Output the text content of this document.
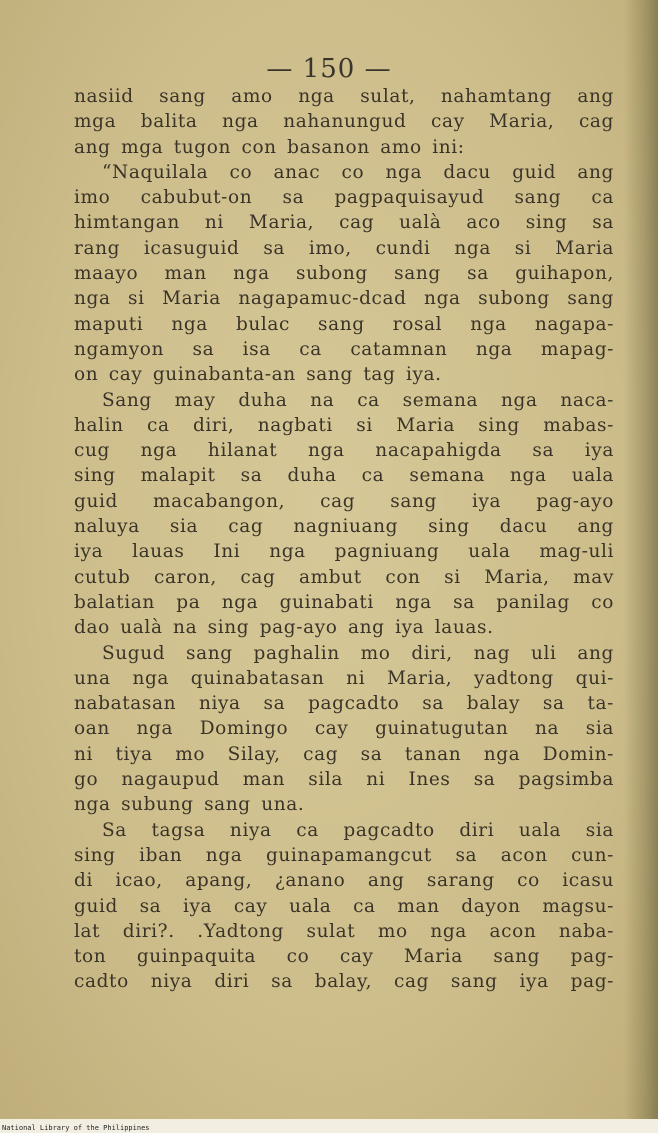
— 150 —
nasiid sang amo nga sulat, nahamtang ang
mga balita nga nahanungud cay Maria, cag
ang mga tugon con basanon amo ini:
“Naquilala co anac co nga dacu guid ang
imo cabubut-on sa pagpaquisayud sang ca
himtangan ni Maria, cag ualà aco sing sa
rang icasuguid sa imo, cundi nga si Maria
maayo man nga subong sang sa guihapon,
nga si Maria nagapamuc-dcad nga subong sang
maputi nga bulac sang rosal nga nagapa-
ngamyon sa isa ca catamnan nga mapag-
on cay guinabanta-an sang tag iya.
Sang may duha na ca semana nga naca-
halin ca diri, nagbati si Maria sing mabas-
cug nga hilanat nga nacapahigda sa iya
sing malapit sa duha ca semana nga uala
guid macabangon, cag sang iya pag-ayo
naluya sia cag nagniuang sing dacu ang
iya lauas Ini nga pagniuang uala mag-uli
cutub caron, cag ambut con si Maria, mav
balatian pa nga guinabati nga sa panilag co
dao ualà na sing pag-ayo ang iya lauas.
Sugud sang paghalin mo diri, nag uli ang
una nga quinabatasan ni Maria, yadtong qui-
nabatasan niya sa pagcadto sa balay sa ta-
oan nga Domingo cay guinatugutan na sia
ni tiya mo Silay, cag sa tanan nga Domin-
go nagaupud man sila ni Ines sa pagsimba
nga subung sang una.
Sa tagsa niya ca pagcadto diri uala sia
sing iban nga guinapamangcut sa acon cun-
di icao, apang, ¿anano ang sarang co icasu
guid sa iya cay uala ca man dayon magsu-
lat diri?. .Yadtong sulat mo nga acon naba-
ton guinpaquita co cay Maria sang pag-
cadto niya diri sa balay, cag sang iya pag-
National Library of the Philippines
